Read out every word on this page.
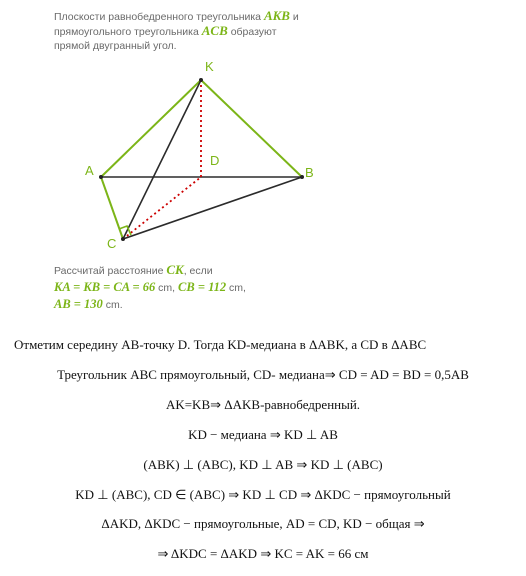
Плоскости равнобедренного треугольника AKB и
прямоугольного треугольника ACB образуют
прямой двугранный угол.
K
A	B
C
D
Рассчитай расстояние CK, если
KA = KB = CA = 66 cm, CB = 112 cm,
AB = 130 cm.
Отметим середину AB-точку D. Тогда KD-медиана в ΔABK, а CD в ΔABC
Треугольник ABC прямоугольный, CD- медиана⇒ CD = AD = BD = 0,5AB
AK=KB⇒ ΔAKB-равнобедренный.
KD − медиана ⇒ KD ⊥ AB
(ABK) ⊥ (ABC), KD ⊥ AB ⇒ KD ⊥ (ABC)
KD ⊥ (ABC), CD ∈ (ABC) ⇒ KD ⊥ CD ⇒ ΔKDC − прямоугольный
ΔAKD, ΔKDC − прямоугольные, AD = CD, KD − общая ⇒
⇒ ΔKDC = ΔAKD ⇒ KC = AK = 66 см
